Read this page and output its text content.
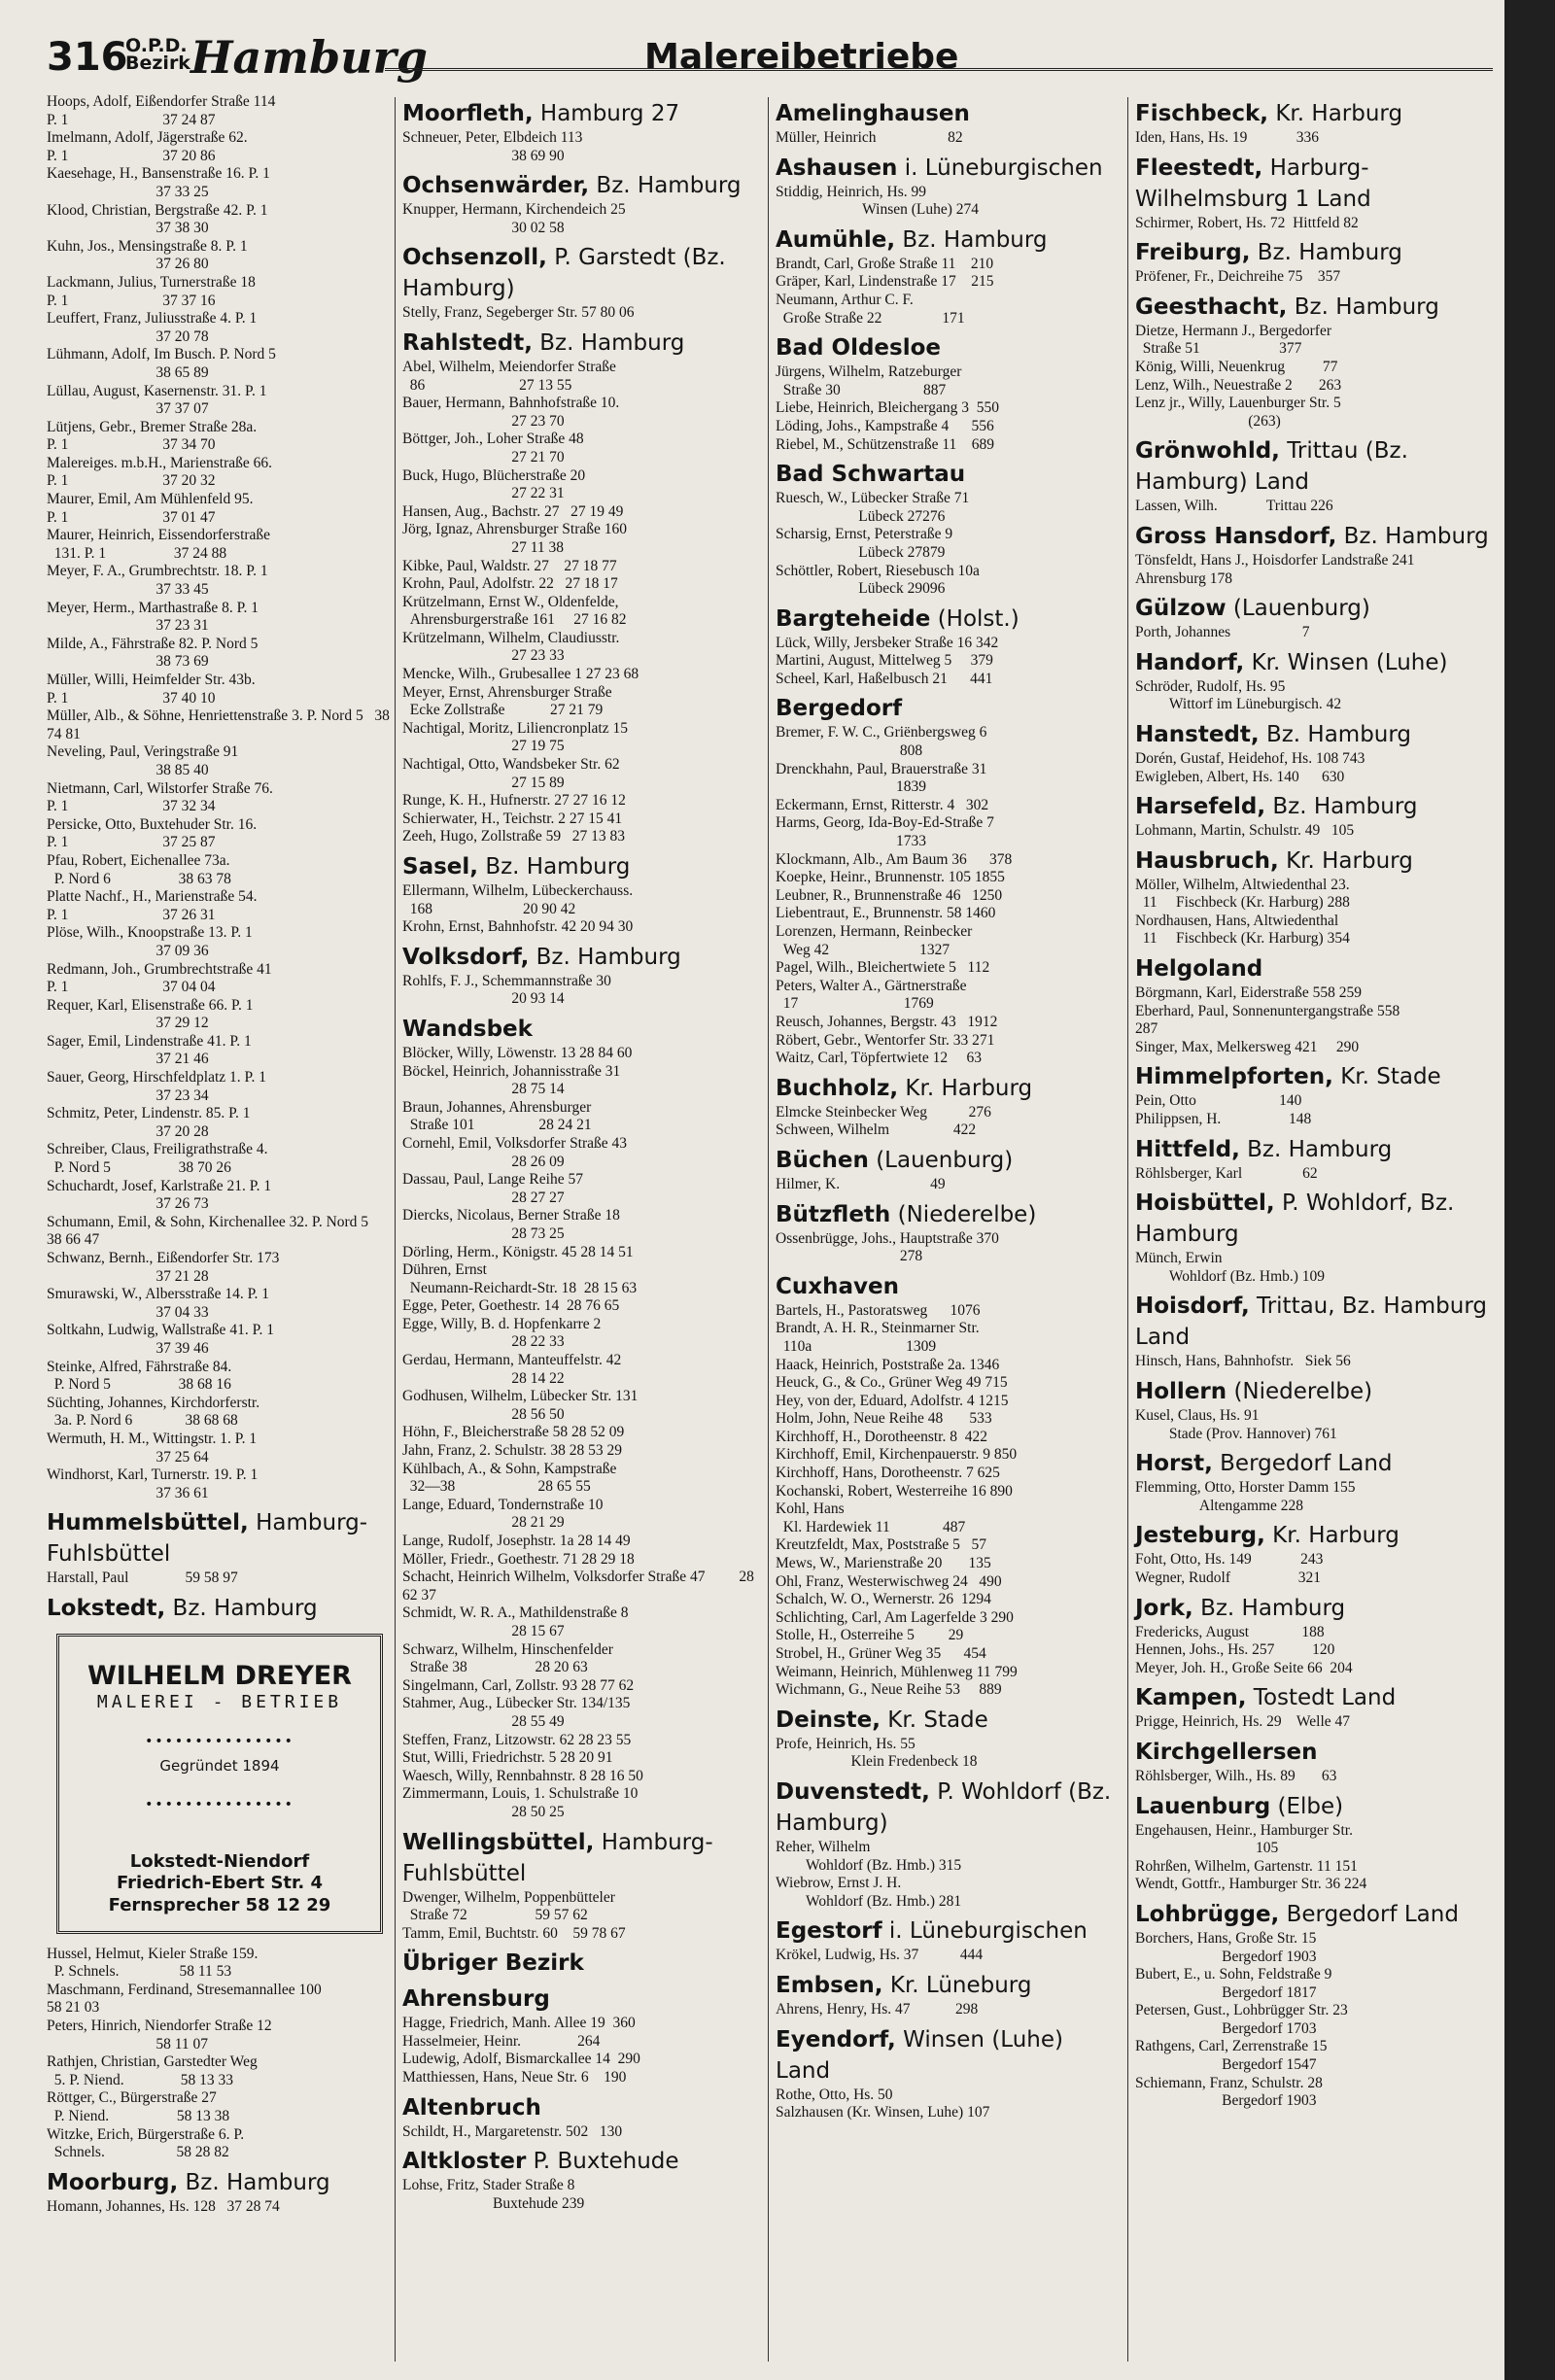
316
O.P.D.
Bezirk Hamburg	Malereibetriebe
Hoops, Adolf, Eißendorfer Straße 114
P. 1                         37 24 87
Imelmann, Adolf, Jägerstraße 62.
P. 1                         37 20 86
Kaesehage, H., Bansenstraße 16. P. 1
37 33 25
Klood, Christian, Bergstraße 42. P. 1
37 38 30
Kuhn, Jos., Mensingstraße 8. P. 1
37 26 80
Lackmann, Julius, Turnerstraße 18
P. 1                         37 37 16
Leuffert, Franz, Juliusstraße 4. P. 1
37 20 78
Lühmann, Adolf, Im Busch. P. Nord 5
38 65 89
Lüllau, August, Kasernenstr. 31. P. 1
37 37 07
Lütjens, Gebr., Bremer Straße 28a.
P. 1                         37 34 70
Malereiges. m.b.H., Marienstraße 66.
P. 1                         37 20 32
Maurer, Emil, Am Mühlenfeld 95.
P. 1                         37 01 47
Maurer, Heinrich, Eissendorferstraße
131. P. 1                  37 24 88
Meyer, F. A., Grumbrechtstr. 18. P. 1
37 33 45
Meyer, Herm., Marthastraße 8. P. 1
37 23 31
Milde, A., Fährstraße 82. P. Nord 5
38 73 69
Müller, Willi, Heimfelder Str. 43b.
P. 1                         37 40 10
Müller, Alb., & Söhne, Henriettenstraße 3. P. Nord 5   38 74 81
Neveling, Paul, Veringstraße 91
38 85 40
Nietmann, Carl, Wilstorfer Straße 76.
P. 1                         37 32 34
Persicke, Otto, Buxtehuder Str. 16.
P. 1                         37 25 87
Pfau, Robert, Eichenallee 73a.
P. Nord 6                  38 63 78
Platte Nachf., H., Marienstraße 54.
P. 1                         37 26 31
Plöse, Wilh., Knoopstraße 13. P. 1
37 09 36
Redmann, Joh., Grumbrechtstraße 41
P. 1                         37 04 04
Requer, Karl, Elisenstraße 66. P. 1
37 29 12
Sager, Emil, Lindenstraße 41. P. 1
37 21 46
Sauer, Georg, Hirschfeldplatz 1. P. 1
37 23 34
Schmitz, Peter, Lindenstr. 85. P. 1
37 20 28
Schreiber, Claus, Freiligrathstraße 4.
P. Nord 5                  38 70 26
Schuchardt, Josef, Karlstraße 21. P. 1
37 26 73
Schumann, Emil, & Sohn, Kirchenallee 32. P. Nord 5    38 66 47
Schwanz, Bernh., Eißendorfer Str. 173
37 21 28
Smurawski, W., Albersstraße 14. P. 1
37 04 33
Soltkahn, Ludwig, Wallstraße 41. P. 1
37 39 46
Steinke, Alfred, Fährstraße 84.
P. Nord 5                  38 68 16
Süchting, Johannes, Kirchdorferstr.
3a. P. Nord 6              38 68 68
Wermuth, H. M., Wittingstr. 1. P. 1
37 25 64
Windhorst, Karl, Turnerstr. 19. P. 1
37 36 61
Hummelsbüttel, Hamburg-Fuhlsbüttel
Harstall, Paul               59 58 97
Lokstedt, Bz. Hamburg
WILHELM DREYER
MALEREI - BETRIEB
•••••••••••••••
Gegründet 1894
•••••••••••••••
Lokstedt-Niendorf
Friedrich-Ebert Str. 4
Fernsprecher 58 12 29
Hussel, Helmut, Kieler Straße 159.
P. Schnels.                58 11 53
Maschmann, Ferdinand, Stresemannallee 100                  58 21 03
Peters, Hinrich, Niendorfer Straße 12
58 11 07
Rathjen, Christian, Garstedter Weg
5. P. Niend.               58 13 33
Röttger, C., Bürgerstraße 27
P. Niend.                  58 13 38
Witzke, Erich, Bürgerstraße 6. P.
Schnels.                   58 28 82
Moorburg, Bz. Hamburg
Homann, Johannes, Hs. 128   37 28 74
Moorfleth, Hamburg 27
Schneuer, Peter, Elbdeich 113
38 69 90
Ochsenwärder, Bz. Hamburg
Knupper, Hermann, Kirchendeich 25
30 02 58
Ochsenzoll, P. Garstedt (Bz. Hamburg)
Stelly, Franz, Segeberger Str. 57 80 06
Rahlstedt, Bz. Hamburg
Abel, Wilhelm, Meiendorfer Straße
86                         27 13 55
Bauer, Hermann, Bahnhofstraße 10.
27 23 70
Böttger, Joh., Loher Straße 48
27 21 70
Buck, Hugo, Blücherstraße 20
27 22 31
Hansen, Aug., Bachstr. 27   27 19 49
Jörg, Ignaz, Ahrensburger Straße 160
27 11 38
Kibke, Paul, Waldstr. 27    27 18 77
Krohn, Paul, Adolfstr. 22   27 18 17
Krützelmann, Ernst W., Oldenfelde,
Ahrensburgerstraße 161     27 16 82
Krützelmann, Wilhelm, Claudiusstr.
27 23 33
Mencke, Wilh., Grubesallee 1 27 23 68
Meyer, Ernst, Ahrensburger Straße
Ecke Zollstraße            27 21 79
Nachtigal, Moritz, Liliencronplatz 15
27 19 75
Nachtigal, Otto, Wandsbeker Str. 62
27 15 89
Runge, K. H., Hufnerstr. 27 27 16 12
Schierwater, H., Teichstr. 2 27 15 41
Zeeh, Hugo, Zollstraße 59   27 13 83
Sasel, Bz. Hamburg
Ellermann, Wilhelm, Lübeckerchauss.
168                        20 90 42
Krohn, Ernst, Bahnhofstr. 42 20 94 30
Volksdorf, Bz. Hamburg
Rohlfs, F. J., Schemmannstraße 30
20 93 14
Wandsbek
Blöcker, Willy, Löwenstr. 13 28 84 60
Böckel, Heinrich, Johannisstraße 31
28 75 14
Braun, Johannes, Ahrensburger
Straße 101                 28 24 21
Cornehl, Emil, Volksdorfer Straße 43
28 26 09
Dassau, Paul, Lange Reihe 57
28 27 27
Diercks, Nicolaus, Berner Straße 18
28 73 25
Dörling, Herm., Königstr. 45 28 14 51
Dühren, Ernst
Neumann-Reichardt-Str. 18  28 15 63
Egge, Peter, Goethestr. 14  28 76 65
Egge, Willy, B. d. Hopfenkarre 2
28 22 33
Gerdau, Hermann, Manteuffelstr. 42
28 14 22
Godhusen, Wilhelm, Lübecker Str. 131
28 56 50
Höhn, F., Bleicherstraße 58 28 52 09
Jahn, Franz, 2. Schulstr. 38 28 53 29
Kühlbach, A., & Sohn, Kampstraße
32—38                      28 65 55
Lange, Eduard, Tondernstraße 10
28 21 29
Lange, Rudolf, Josephstr. 1a 28 14 49
Möller, Friedr., Goethestr. 71 28 29 18
Schacht, Heinrich Wilhelm, Volksdorfer Straße 47         28 62 37
Schmidt, W. R. A., Mathildenstraße 8
28 15 67
Schwarz, Wilhelm, Hinschenfelder
Straße 38                  28 20 63
Singelmann, Carl, Zollstr. 93 28 77 62
Stahmer, Aug., Lübecker Str. 134/135
28 55 49
Steffen, Franz, Litzowstr. 62 28 23 55
Stut, Willi, Friedrichstr. 5 28 20 91
Waesch, Willy, Rennbahnstr. 8 28 16 50
Zimmermann, Louis, 1. Schulstraße 10
28 50 25
Wellingsbüttel, Hamburg-Fuhlsbüttel
Dwenger, Wilhelm, Poppenbütteler
Straße 72                  59 57 62
Tamm, Emil, Buchtstr. 60    59 78 67
Übriger Bezirk
Ahrensburg
Hagge, Friedrich, Manh. Allee 19  360
Hasselmeier, Heinr.               264
Ludewig, Adolf, Bismarckallee 14  290
Matthiessen, Hans, Neue Str. 6    190
Altenbruch
Schildt, H., Margaretenstr. 502   130
Altkloster P. Buxtehude
Lohse, Fritz, Stader Straße 8
Buxtehude 239
Amelinghausen
Müller, Heinrich                   82
Ashausen i. Lüneburgischen
Stiddig, Heinrich, Hs. 99
Winsen (Luhe) 274
Aumühle, Bz. Hamburg
Brandt, Carl, Große Straße 11    210
Gräper, Karl, Lindenstraße 17    215
Neumann, Arthur C. F.
Große Straße 22                171
Bad Oldesloe
Jürgens, Wilhelm, Ratzeburger
Straße 30                      887
Liebe, Heinrich, Bleichergang 3  550
Löding, Johs., Kampstraße 4      556
Riebel, M., Schützenstraße 11    689
Bad Schwartau
Ruesch, W., Lübecker Straße 71
Lübeck 27276
Scharsig, Ernst, Peterstraße 9
Lübeck 27879
Schöttler, Robert, Riesebusch 10a
Lübeck 29096
Bargteheide (Holst.)
Lück, Willy, Jersbeker Straße 16 342
Martini, August, Mittelweg 5     379
Scheel, Karl, Haßelbusch 21      441
Bergedorf
Bremer, F. W. C., Griënbergsweg 6
808
Drenckhahn, Paul, Brauerstraße 31
1839
Eckermann, Ernst, Ritterstr. 4   302
Harms, Georg, Ida-Boy-Ed-Straße 7
1733
Klockmann, Alb., Am Baum 36      378
Koepke, Heinr., Brunnenstr. 105 1855
Leubner, R., Brunnenstraße 46   1250
Liebentraut, E., Brunnenstr. 58 1460
Lorenzen, Hermann, Reinbecker
Weg 42                        1327
Pagel, Wilh., Bleichertwiete 5   112
Peters, Walter A., Gärtnerstraße
17                            1769
Reusch, Johannes, Bergstr. 43   1912
Röbert, Gebr., Wentorfer Str. 33 271
Waitz, Carl, Töpfertwiete 12     63
Buchholz, Kr. Harburg
Elmcke Steinbecker Weg           276
Schween, Wilhelm                 422
Büchen (Lauenburg)
Hilmer, K.                        49
Bützfleth (Niederelbe)
Ossenbrügge, Johs., Hauptstraße 370
278
Cuxhaven
Bartels, H., Pastoratsweg      1076
Brandt, A. H. R., Steinmarner Str.
110a                         1309
Haack, Heinrich, Poststraße 2a. 1346
Heuck, G., & Co., Grüner Weg 49 715
Hey, von der, Eduard, Adolfstr. 4 1215
Holm, John, Neue Reihe 48       533
Kirchhoff, H., Dorotheenstr. 8  422
Kirchhoff, Emil, Kirchenpauerstr. 9 850
Kirchhoff, Hans, Dorotheenstr. 7 625
Kochanski, Robert, Westerreihe 16 890
Kohl, Hans
Kl. Hardewiek 11              487
Kreutzfeldt, Max, Poststraße 5   57
Mews, W., Marienstraße 20       135
Ohl, Franz, Westerwischweg 24   490
Schalch, W. O., Wernerstr. 26  1294
Schlichting, Carl, Am Lagerfelde 3 290
Stolle, H., Osterreihe 5         29
Strobel, H., Grüner Weg 35      454
Weimann, Heinrich, Mühlenweg 11 799
Wichmann, G., Neue Reihe 53     889
Deinste, Kr. Stade
Profe, Heinrich, Hs. 55
Klein Fredenbeck 18
Duvenstedt, P. Wohldorf (Bz. Hamburg)
Reher, Wilhelm
Wohldorf (Bz. Hmb.) 315
Wiebrow, Ernst J. H.
Wohldorf (Bz. Hmb.) 281
Egestorf i. Lüneburgischen
Krökel, Ludwig, Hs. 37           444
Embsen, Kr. Lüneburg
Ahrens, Henry, Hs. 47            298
Eyendorf, Winsen (Luhe) Land
Rothe, Otto, Hs. 50
Salzhausen (Kr. Winsen, Luhe) 107
Fischbeck, Kr. Harburg
Iden, Hans, Hs. 19             336
Fleestedt, Harburg-Wilhelmsburg 1 Land
Schirmer, Robert, Hs. 72  Hittfeld 82
Freiburg, Bz. Hamburg
Pröfener, Fr., Deichreihe 75    357
Geesthacht, Bz. Hamburg
Dietze, Hermann J., Bergedorfer
Straße 51                     377
König, Willi, Neuenkrug          77
Lenz, Wilh., Neuestraße 2       263
Lenz jr., Willy, Lauenburger Str. 5
(263)
Grönwohld, Trittau (Bz. Hamburg) Land
Lassen, Wilh.             Trittau 226
Gross Hansdorf, Bz. Hamburg
Tönsfeldt, Hans J., Hoisdorfer Landstraße 241          Ahrensburg 178
Gülzow (Lauenburg)
Porth, Johannes                   7
Handorf, Kr. Winsen (Luhe)
Schröder, Rudolf, Hs. 95
Wittorf im Lüneburgisch. 42
Hanstedt, Bz. Hamburg
Dorén, Gustaf, Heidehof, Hs. 108 743
Ewigleben, Albert, Hs. 140      630
Harsefeld, Bz. Hamburg
Lohmann, Martin, Schulstr. 49   105
Hausbruch, Kr. Harburg
Möller, Wilhelm, Altwiedenthal 23.
11     Fischbeck (Kr. Harburg) 288
Nordhausen, Hans, Altwiedenthal
11     Fischbeck (Kr. Harburg) 354
Helgoland
Börgmann, Karl, Eiderstraße 558 259
Eberhard, Paul, Sonnenuntergangstraße 558                     287
Singer, Max, Melkersweg 421     290
Himmelpforten, Kr. Stade
Pein, Otto                      140
Philippsen, H.                  148
Hittfeld, Bz. Hamburg
Röhlsberger, Karl                62
Hoisbüttel, P. Wohldorf, Bz. Hamburg
Münch, Erwin
Wohldorf (Bz. Hmb.) 109
Hoisdorf, Trittau, Bz. Hamburg Land
Hinsch, Hans, Bahnhofstr.   Siek 56
Hollern (Niederelbe)
Kusel, Claus, Hs. 91
Stade (Prov. Hannover) 761
Horst, Bergedorf Land
Flemming, Otto, Horster Damm 155
Altengamme 228
Jesteburg, Kr. Harburg
Foht, Otto, Hs. 149             243
Wegner, Rudolf                  321
Jork, Bz. Hamburg
Fredericks, August              188
Hennen, Johs., Hs. 257          120
Meyer, Joh. H., Große Seite 66  204
Kampen, Tostedt Land
Prigge, Heinrich, Hs. 29    Welle 47
Kirchgellersen
Röhlsberger, Wilh., Hs. 89       63
Lauenburg (Elbe)
Engehausen, Heinr., Hamburger Str.
105
Rohrßen, Wilhelm, Gartenstr. 11 151
Wendt, Gottfr., Hamburger Str. 36 224
Lohbrügge, Bergedorf Land
Borchers, Hans, Große Str. 15
Bergedorf 1903
Bubert, E., u. Sohn, Feldstraße 9
Bergedorf 1817
Petersen, Gust., Lohbrügger Str. 23
Bergedorf 1703
Rathgens, Carl, Zerrenstraße 15
Bergedorf 1547
Schiemann, Franz, Schulstr. 28
Bergedorf 1903
